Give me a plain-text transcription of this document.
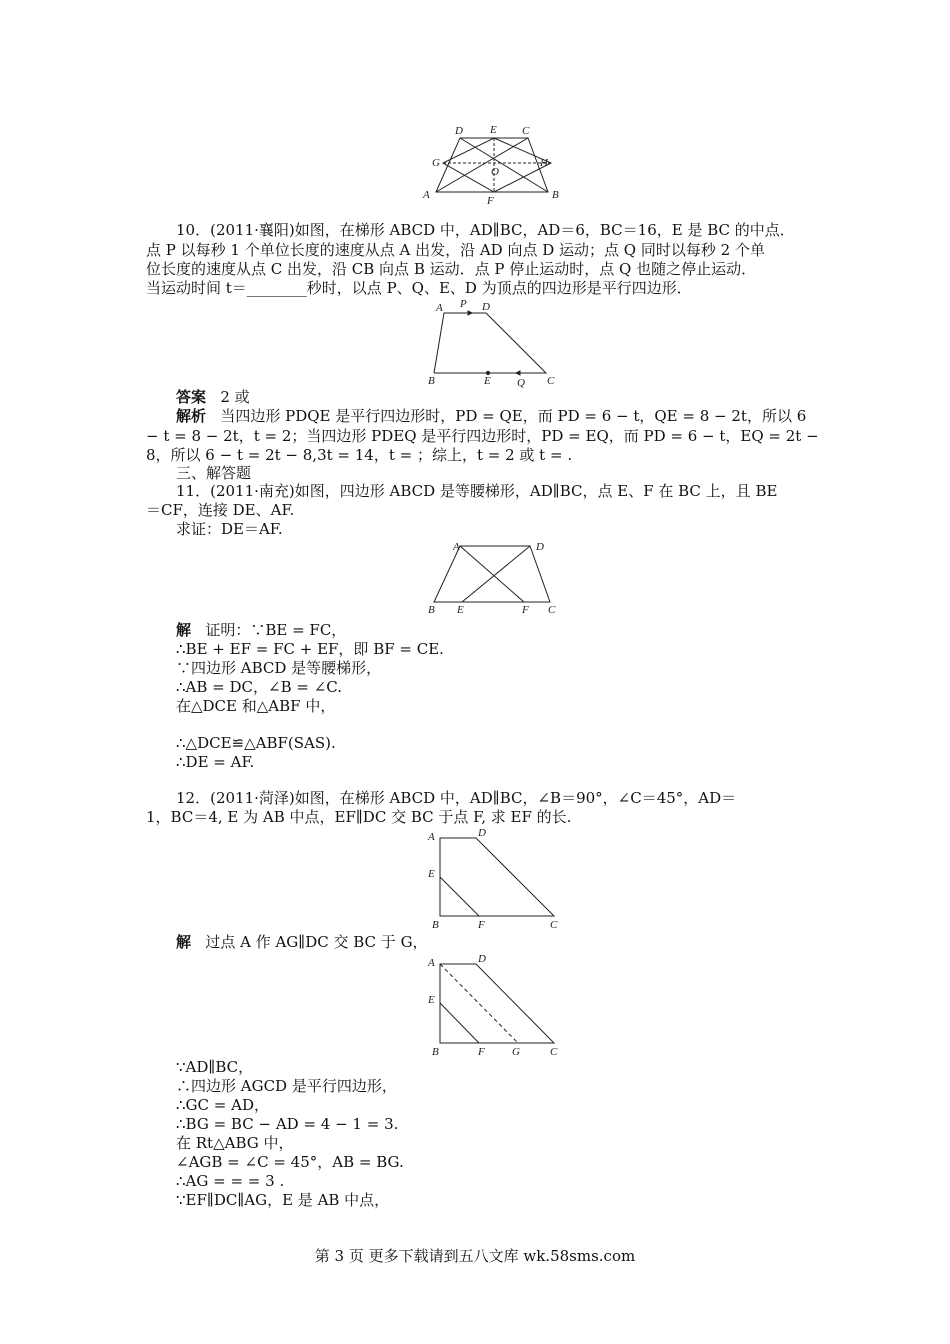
D E C
G
O
H
A	F	B
10．(2011·襄阳)如图，在梯形 ABCD 中，AD∥BC，AD＝6，BC＝16，E 是 BC 的中点．
点 P 以每秒 1 个单位长度的速度从点 A 出发，沿 AD 向点 D 运动；点 Q 同时以每秒 2 个单
位长度的速度从点 C 出发，沿 CB 向点 B 运动．点 P 停止运动时，点 Q 也随之停止运动．
当运动时间 t＝________秒时，以点 P、Q、E、D 为顶点的四边形是平行四边形．
A P D
B	E Q C
答案 2 或
解析 当四边形 PDQE 是平行四边形时，PD = QE，而 PD = 6 − t，QE = 8 − 2t，所以 6
− t = 8 − 2t，t = 2；当四边形 PDEQ 是平行四边形时，PD = EQ，而 PD = 6 − t，EQ = 2t −
8，所以 6 − t = 2t − 8,3t = 14，t = ；综上，t = 2 或 t = .
三、解答题
11．(2011·南充)如图，四边形 ABCD 是等腰梯形，AD∥BC，点 E、F 在 BC 上，且 BE
＝CF，连接 DE、AF.
求证：DE＝AF.
A	D
B E	F C
解 证明：∵BE = FC，
∴BE + EF = FC + EF，即 BF = CE.
∵四边形 ABCD 是等腰梯形，
∴AB = DC，∠B = ∠C.
在△DCE 和△ABF 中，
∴△DCE≌△ABF(SAS).
∴DE = AF.
12．(2011·菏泽)如图，在梯形 ABCD 中，AD∥BC，∠B＝90°，∠C＝45°，AD＝
1，BC＝4, E 为 AB 中点，EF∥DC 交 BC 于点 F, 求 EF 的长.
A	D
E
B	F	C
解 过点 A 作 AG∥DC 交 BC 于 G，
A	D
E
B	F G	C
∵AD∥BC，
∴四边形 AGCD 是平行四边形，
∴GC = AD，
∴BG = BC − AD = 4 − 1 = 3.
在 Rt△ABG 中，
∠AGB = ∠C = 45°，AB = BG.
∴AG = = = 3 .
∵EF∥DC∥AG，E 是 AB 中点，
第 3 页 更多下载请到五八文库 wk.58sms.com
